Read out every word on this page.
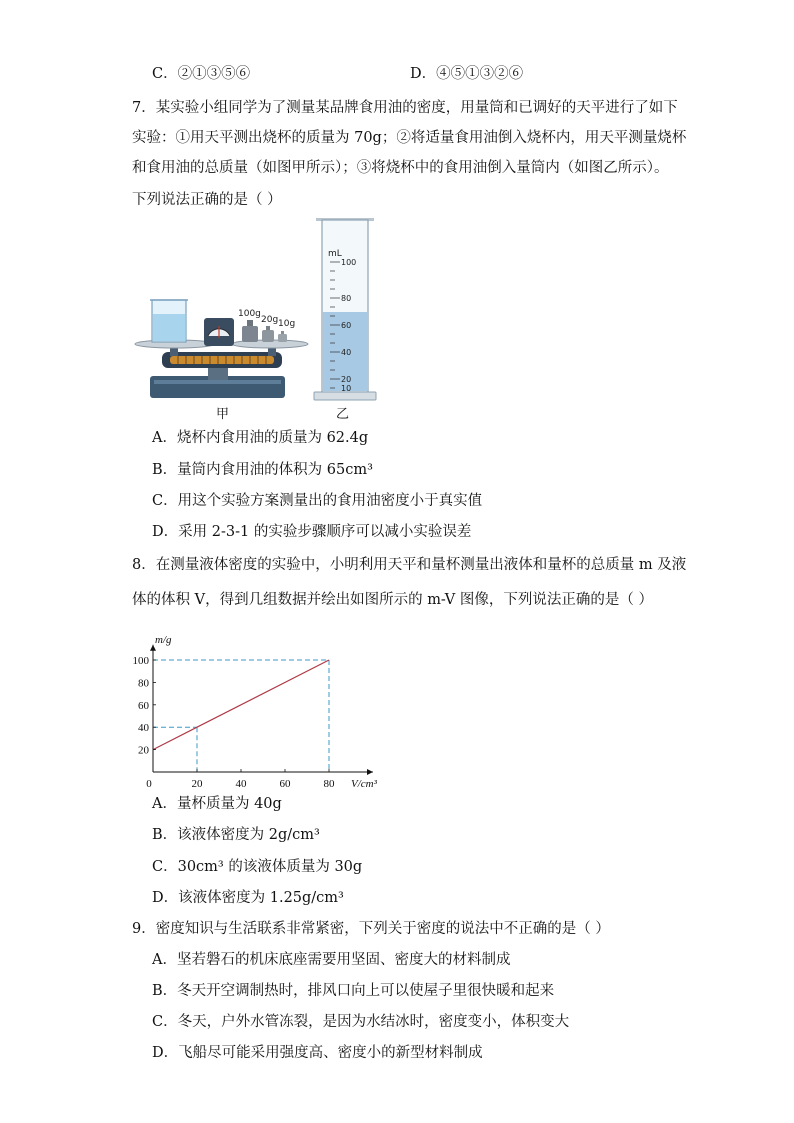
C．②①③⑤⑥	D．④⑤①③②⑥
7．某实验小组同学为了测量某品牌食用油的密度，用量筒和已调好的天平进行了如下
实验：①用天平测出烧杯的质量为 70g；②将适量食用油倒入烧杯内，用天平测量烧杯
和食用油的总质量（如图甲所示）；③将烧杯中的食用油倒入量筒内（如图乙所示）。
下列说法正确的是（ ）
100g
20g 10g
甲
mL
100
80
60
40
20
10
乙
A．烧杯内食用油的质量为 62.4g
B．量筒内食用油的体积为 65cm³
C．用这个实验方案测量出的食用油密度小于真实值
D．采用 2-3-1 的实验步骤顺序可以减小实验误差
8．在测量液体密度的实验中，小明利用天平和量杯测量出液体和量杯的总质量 m 及液
体的体积 V，得到几组数据并绘出如图所示的 m-V 图像，下列说法正确的是（ ）
0	20	40	60	80
20
40
60
80
100
m/g
V/cm³
A．量杯质量为 40g
B．该液体密度为 2g/cm³
C．30cm³ 的该液体质量为 30g
D．该液体密度为 1.25g/cm³
9．密度知识与生活联系非常紧密，下列关于密度的说法中不正确的是（ ）
A．坚若磐石的机床底座需要用坚固、密度大的材料制成
B．冬天开空调制热时，排风口向上可以使屋子里很快暖和起来
C．冬天，户外水管冻裂，是因为水结冰时，密度变小，体积变大
D．飞船尽可能采用强度高、密度小的新型材料制成
